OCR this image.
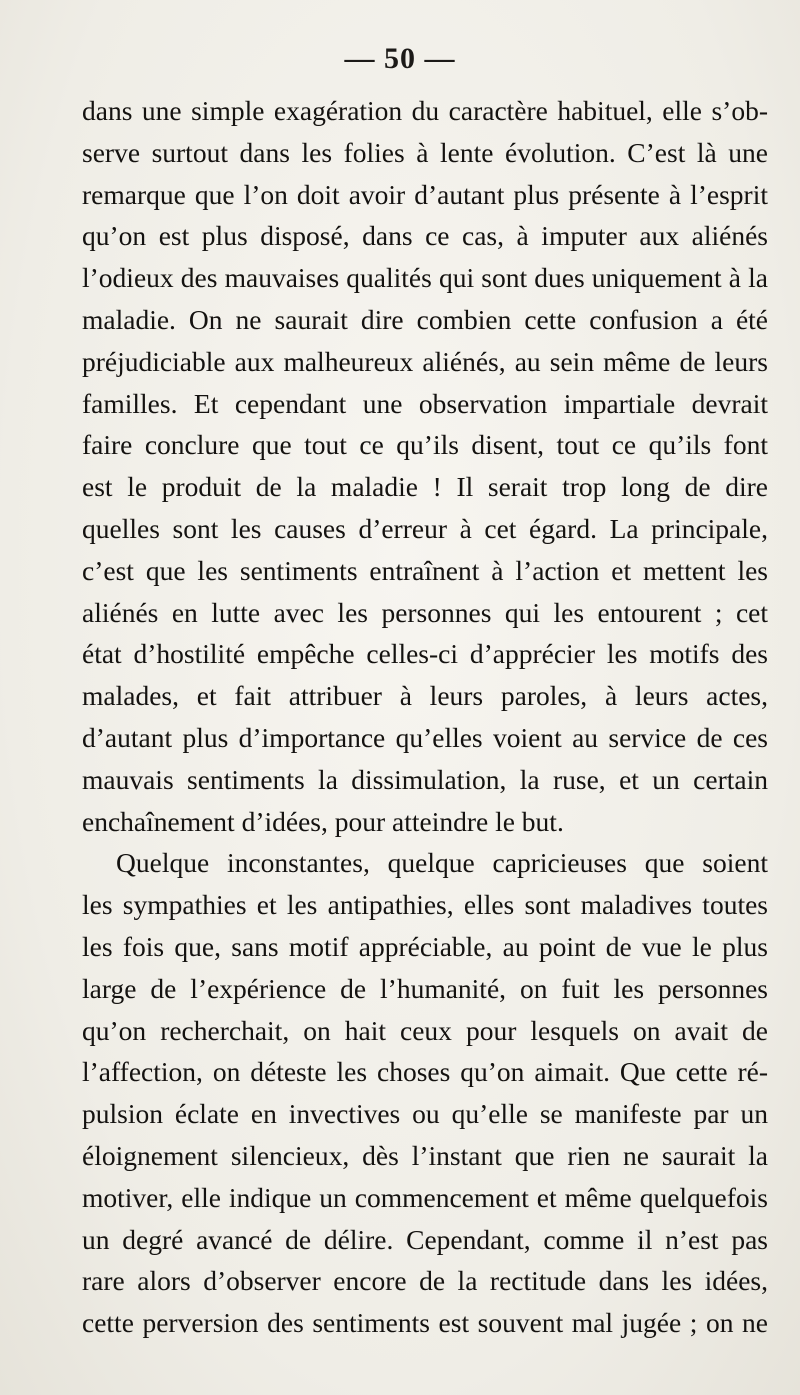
— 50 —
dans une simple exagération du caractère habituel, elle s’ob-
serve surtout dans les folies à lente évolution. C’est là une
remarque que l’on doit avoir d’autant plus présente à l’esprit
qu’on est plus disposé, dans ce cas, à imputer aux aliénés
l’odieux des mauvaises qualités qui sont dues uniquement à la
maladie. On ne saurait dire combien cette confusion a été
préjudiciable aux malheureux aliénés, au sein même de leurs
familles. Et cependant une observation impartiale devrait
faire conclure que tout ce qu’ils disent, tout ce qu’ils font
est le produit de la maladie ! Il serait trop long de dire
quelles sont les causes d’erreur à cet égard. La principale,
c’est que les sentiments entraînent à l’action et mettent les
aliénés en lutte avec les personnes qui les entourent ; cet
état d’hostilité empêche celles-ci d’apprécier les motifs des
malades, et fait attribuer à leurs paroles, à leurs actes,
d’autant plus d’importance qu’elles voient au service de ces
mauvais sentiments la dissimulation, la ruse, et un certain
enchaînement d’idées, pour atteindre le but.
Quelque inconstantes, quelque capricieuses que soient
les sympathies et les antipathies, elles sont maladives toutes
les fois que, sans motif appréciable, au point de vue le plus
large de l’expérience de l’humanité, on fuit les personnes
qu’on recherchait, on hait ceux pour lesquels on avait de
l’affection, on déteste les choses qu’on aimait. Que cette ré-
pulsion éclate en invectives ou qu’elle se manifeste par un
éloignement silencieux, dès l’instant que rien ne saurait la
motiver, elle indique un commencement et même quelquefois
un degré avancé de délire. Cependant, comme il n’est pas
rare alors d’observer encore de la rectitude dans les idées,
cette perversion des sentiments est souvent mal jugée ; on ne
